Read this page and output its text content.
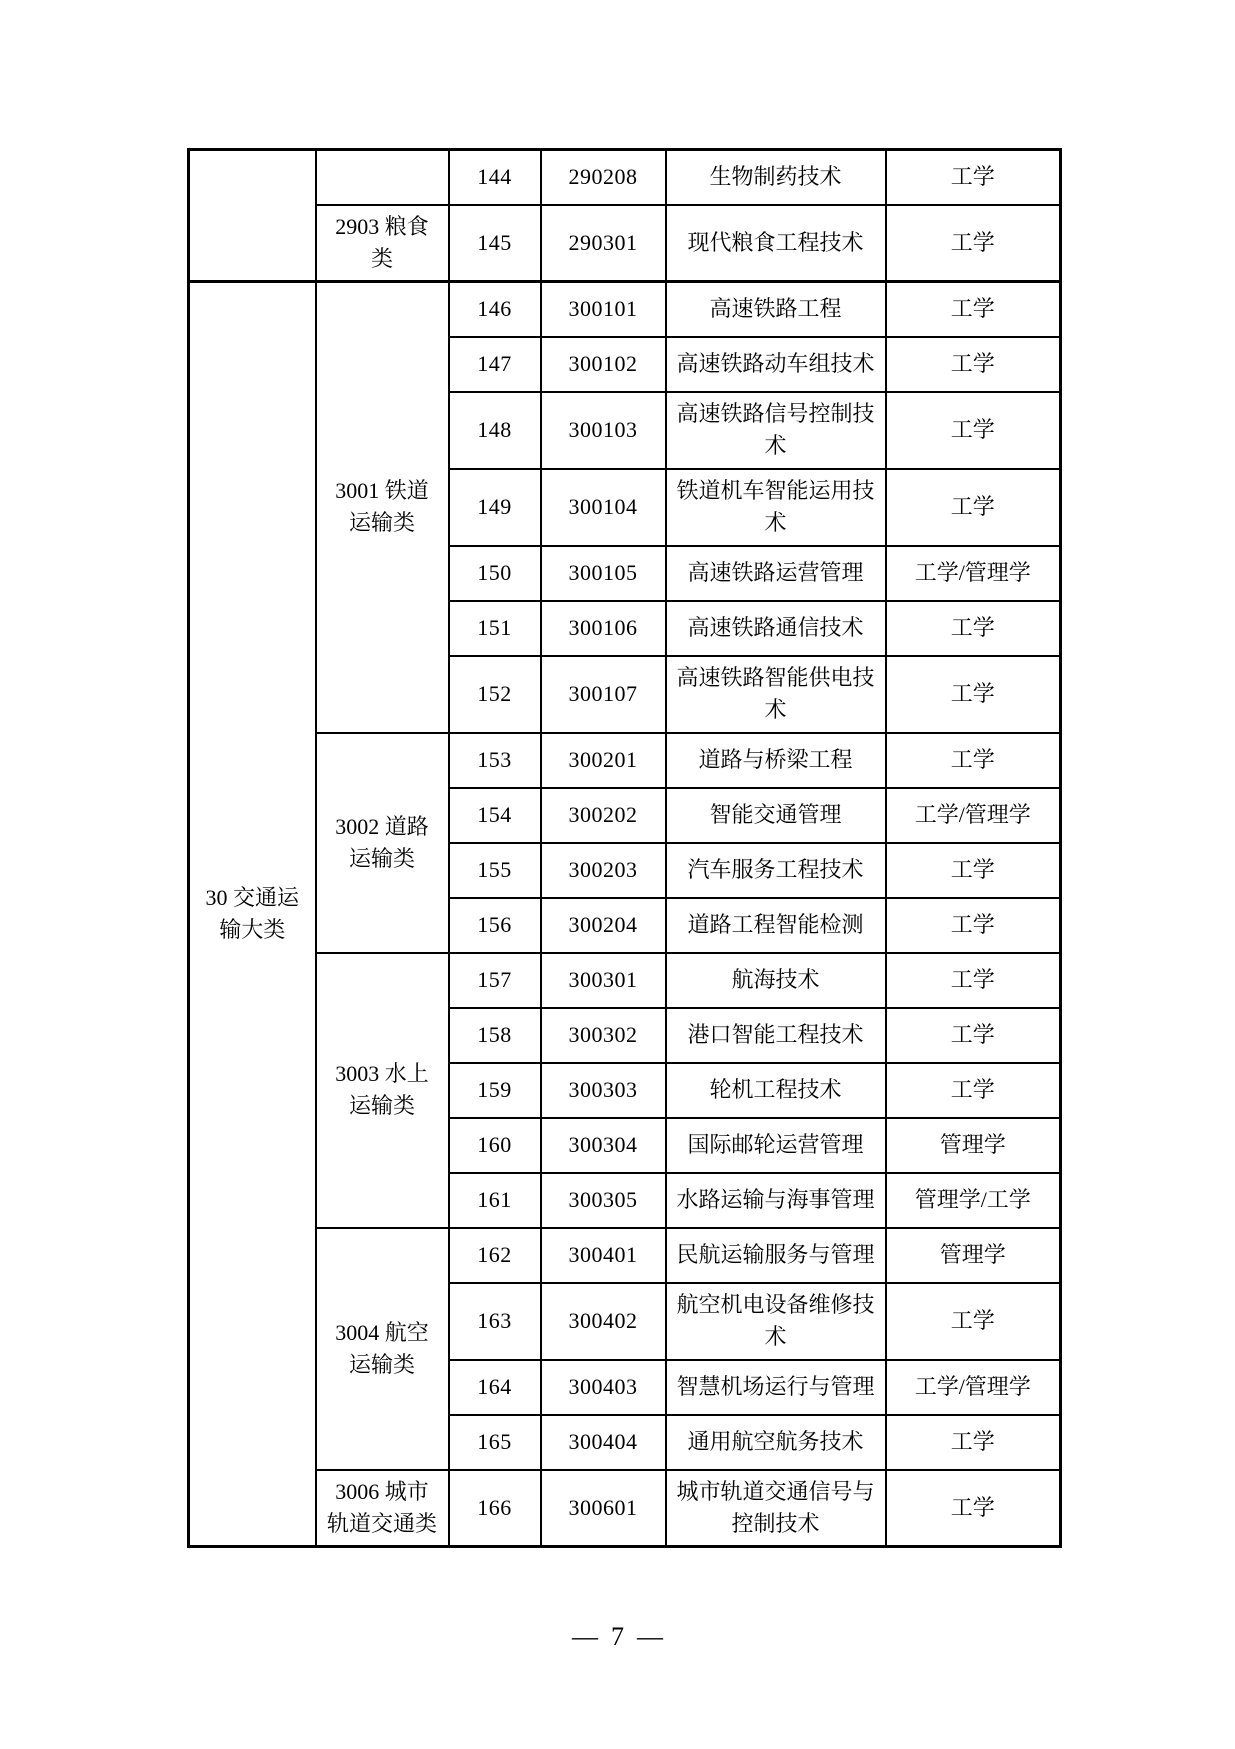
		144	290208	生物制药技术	工学
	2903 粮食类	145	290301	现代粮食工程技术	工学
30 交通运输大类	3001 铁道运输类	146	300101	高速铁路工程	工学
		147	300102	高速铁路动车组技术	工学
		148	300103	高速铁路信号控制技术	工学
		149	300104	铁道机车智能运用技术	工学
		150	300105	高速铁路运营管理	工学/管理学
		151	300106	高速铁路通信技术	工学
		152	300107	高速铁路智能供电技术	工学
	3002 道路运输类	153	300201	道路与桥梁工程	工学
		154	300202	智能交通管理	工学/管理学
		155	300203	汽车服务工程技术	工学
		156	300204	道路工程智能检测	工学
	3003 水上运输类	157	300301	航海技术	工学
		158	300302	港口智能工程技术	工学
		159	300303	轮机工程技术	工学
		160	300304	国际邮轮运营管理	管理学
		161	300305	水路运输与海事管理	管理学/工学
	3004 航空运输类	162	300401	民航运输服务与管理	管理学
		163	300402	航空机电设备维修技术	工学
		164	300403	智慧机场运行与管理	工学/管理学
		165	300404	通用航空航务技术	工学
	3006 城市轨道交通类	166	300601	城市轨道交通信号与控制技术	工学
— 7 —
